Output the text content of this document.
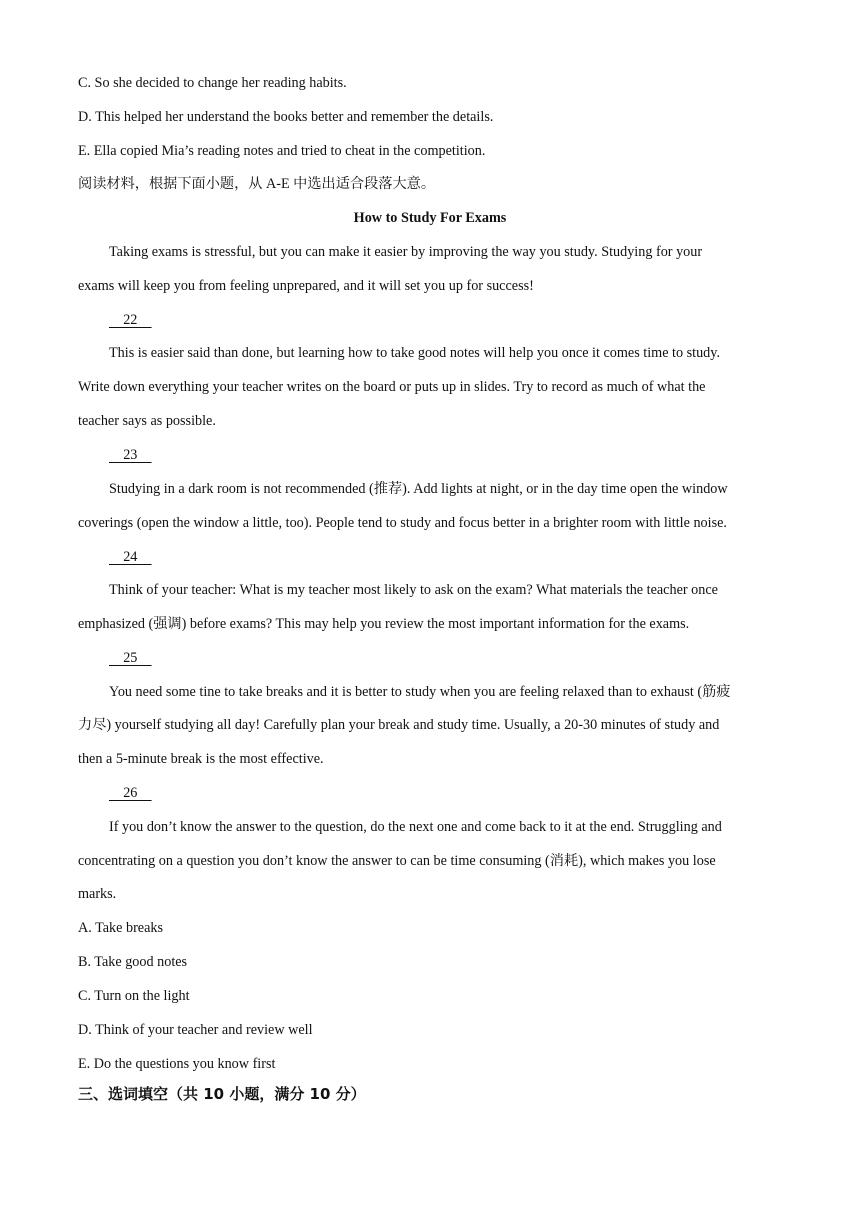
C. So she decided to change her reading habits.
D. This helped her understand the books better and remember the details.
E. Ella copied Mia’s reading notes and tried to cheat in the competition.
阅读材料，根据下面小题，从 A-E 中选出适合段落大意。
How to Study For Exams
Taking exams is stressful, but you can make it easier by improving the way you study. Studying for your
exams will keep you from feeling unprepared, and it will set you up for success!
22
This is easier said than done, but learning how to take good notes will help you once it comes time to study.
Write down everything your teacher writes on the board or puts up in slides. Try to record as much of what the
teacher says as possible.
23
Studying in a dark room is not recommended (推荐). Add lights at night, or in the day time open the window
coverings (open the window a little, too). People tend to study and focus better in a brighter room with little noise.
24
Think of your teacher: What is my teacher most likely to ask on the exam? What materials the teacher once
emphasized (强调) before exams? This may help you review the most important information for the exams.
25
You need some tine to take breaks and it is better to study when you are feeling relaxed than to exhaust (筋疲
力尽) yourself studying all day! Carefully plan your break and study time. Usually, a 20-30 minutes of study and
then a 5-minute break is the most effective.
26
If you don’t know the answer to the question, do the next one and come back to it at the end. Struggling and
concentrating on a question you don’t know the answer to can be time consuming (消耗), which makes you lose
marks.
A. Take breaks
B. Take good notes
C. Turn on the light
D. Think of your teacher and review well
E. Do the questions you know first
三、选词填空（共 10 小题，满分 10 分）
